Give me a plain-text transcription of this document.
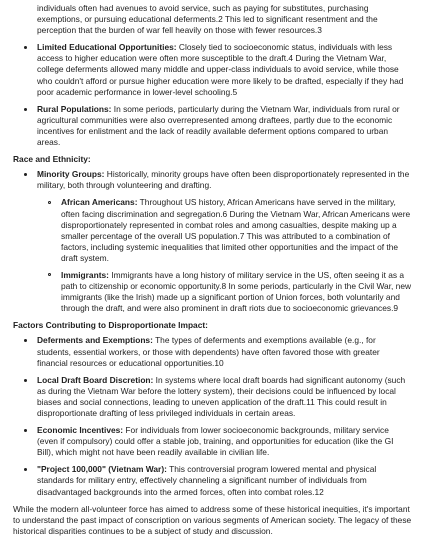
individuals often had avenues to avoid service, such as paying for substitutes, purchasing exemptions, or pursuing educational deferments.2 This led to significant resentment and the perception that the burden of war fell heavily on those with fewer resources.3
Limited Educational Opportunities: Closely tied to socioeconomic status, individuals with less access to higher education were often more susceptible to the draft.4 During the Vietnam War, college deferments allowed many middle and upper-class individuals to avoid service, while those who couldn't afford or pursue higher education were more likely to be drafted, especially if they had poor academic performance in lower-level schooling.5
Rural Populations: In some periods, particularly during the Vietnam War, individuals from rural or agricultural communities were also overrepresented among draftees, partly due to the economic incentives for enlistment and the lack of readily available deferment options compared to urban areas.
Race and Ethnicity:
Minority Groups: Historically, minority groups have often been disproportionately represented in the military, both through volunteering and drafting.
African Americans: Throughout US history, African Americans have served in the military, often facing discrimination and segregation.6 During the Vietnam War, African Americans were disproportionately represented in combat roles and among casualties, despite making up a smaller percentage of the overall US population.7 This was attributed to a combination of factors, including systemic inequalities that limited other opportunities and the impact of the draft system.
Immigrants: Immigrants have a long history of military service in the US, often seeing it as a path to citizenship or economic opportunity.8 In some periods, particularly in the Civil War, new immigrants (like the Irish) made up a significant portion of Union forces, both voluntarily and through the draft, and were also prominent in draft riots due to socioeconomic grievances.9
Factors Contributing to Disproportionate Impact:
Deferments and Exemptions: The types of deferments and exemptions available (e.g., for students, essential workers, or those with dependents) have often favored those with greater financial resources or educational opportunities.10
Local Draft Board Discretion: In systems where local draft boards had significant autonomy (such as during the Vietnam War before the lottery system), their decisions could be influenced by local biases and social connections, leading to uneven application of the draft.11 This could result in disproportionate drafting of less privileged individuals in certain areas.
Economic Incentives: For individuals from lower socioeconomic backgrounds, military service (even if compulsory) could offer a stable job, training, and opportunities for education (like the GI Bill), which might not have been readily available in civilian life.
"Project 100,000" (Vietnam War): This controversial program lowered mental and physical standards for military entry, effectively channeling a significant number of individuals from disadvantaged backgrounds into the armed forces, often into combat roles.12
While the modern all-volunteer force has aimed to address some of these historical inequities, it's important to understand the past impact of conscription on various segments of American society. The legacy of these historical disparities continues to be a subject of study and discussion.
